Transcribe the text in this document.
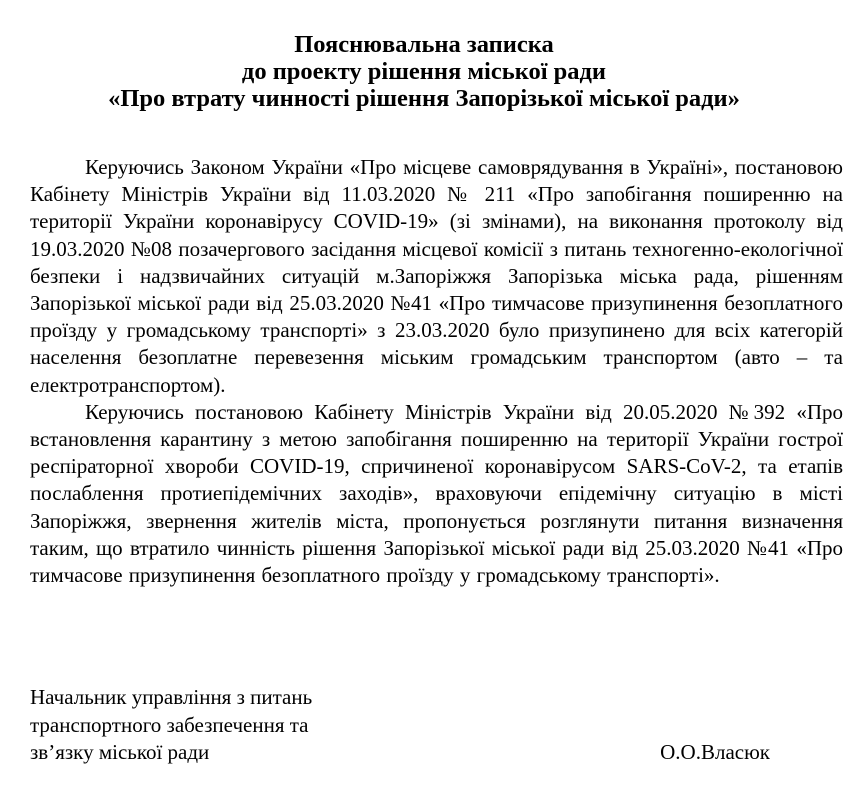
Пояснювальна записка
до проекту рішення міської ради
«Про втрату чинності рішення Запорізької міської ради»

Керуючись Законом України «Про місцеве самоврядування в Україні», постановою Кабінету Міністрів України від 11.03.2020 № 211 «Про запобігання поширенню на території України коронавірусу COVID-19» (зі змінами), на виконання протоколу від 19.03.2020 №08 позачергового засідання місцевої комісії з питань техногенно-екологічної безпеки і надзвичайних ситуацій м.Запоріжжя Запорізька міська рада, рішенням Запорізької міської ради від 25.03.2020 №41 «Про тимчасове призупинення безоплатного проїзду у громадському транспорті» з 23.03.2020 було призупинено для всіх категорій населення безоплатне перевезення міським громадським транспортом (авто – та електротранспортом).

Керуючись постановою Кабінету Міністрів України від 20.05.2020 №392 «Про встановлення карантину з метою запобігання поширенню на території України гострої респіраторної хвороби COVID-19, спричиненої коронавірусом SARS-CoV-2, та етапів послаблення протиепідемічних заходів», враховуючи епідемічну ситуацію в місті Запоріжжя, звернення жителів міста, пропонується розглянути питання визначення таким, що втратило чинність рішення Запорізької міської ради від 25.03.2020 №41 «Про тимчасове призупинення безоплатного проїзду у громадському транспорті».

Начальник управління з питань
транспортного забезпечення та
зв’язку міської ради	О.О.Власюк
